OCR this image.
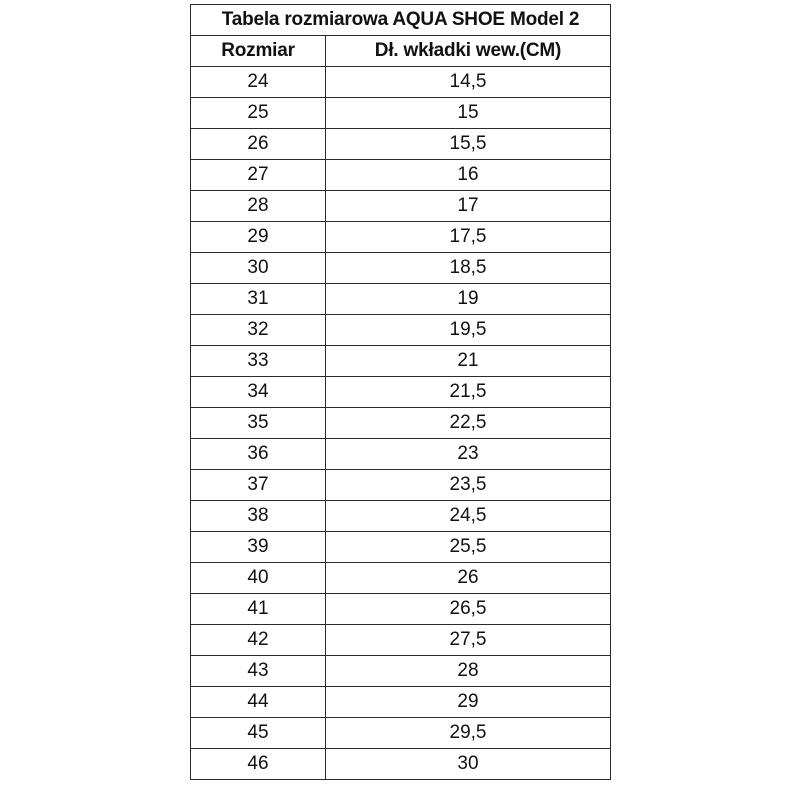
Tabela rozmiarowa AQUA SHOE Model 2	
Rozmiar	Dł. wkładki wew.(CM)
24	14,5
25	15
26	15,5
27	16
28	17
29	17,5
30	18,5
31	19
32	19,5
33	21
34	21,5
35	22,5
36	23
37	23,5
38	24,5
39	25,5
40	26
41	26,5
42	27,5
43	28
44	29
45	29,5
46	30
